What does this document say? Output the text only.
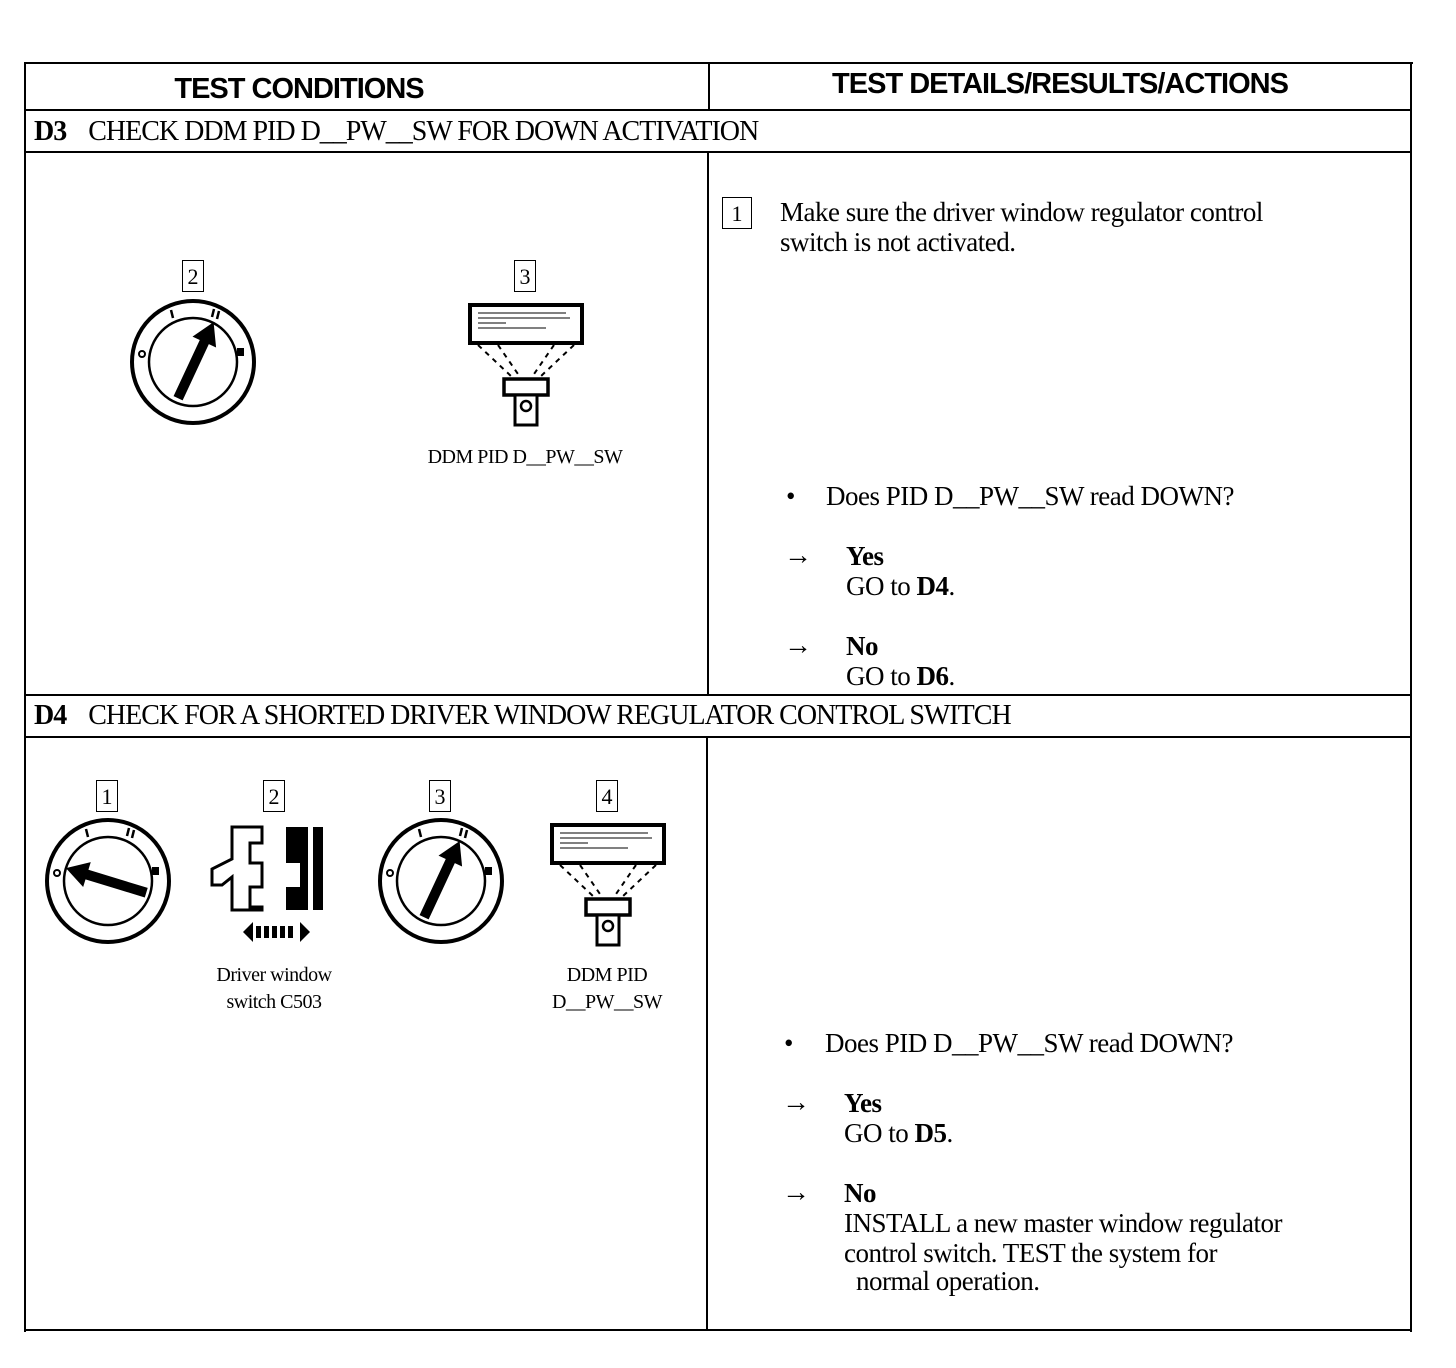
TEST CONDITIONS	TEST DETAILS/RESULTS/ACTIONS
D3 CHECK DDM PID D__PW__SW FOR DOWN ACTIVATION
2	3
DDM PID D__PW__SW
1	Make sure the driver window regulator control
switch is not activated.
• Does PID D__PW__SW read DOWN?
→ Yes
GO to D4.
→ No
GO to D6.
D4 CHECK FOR A SHORTED DRIVER WINDOW REGULATOR CONTROL SWITCH
1	2
Driver window
switch C503
3	4
DDM PID
D__PW__SW
• Does PID D__PW__SW read DOWN?
→ Yes
GO to D5.
→ No
INSTALL a new master window regulator
control switch. TEST the system for
normal operation.
